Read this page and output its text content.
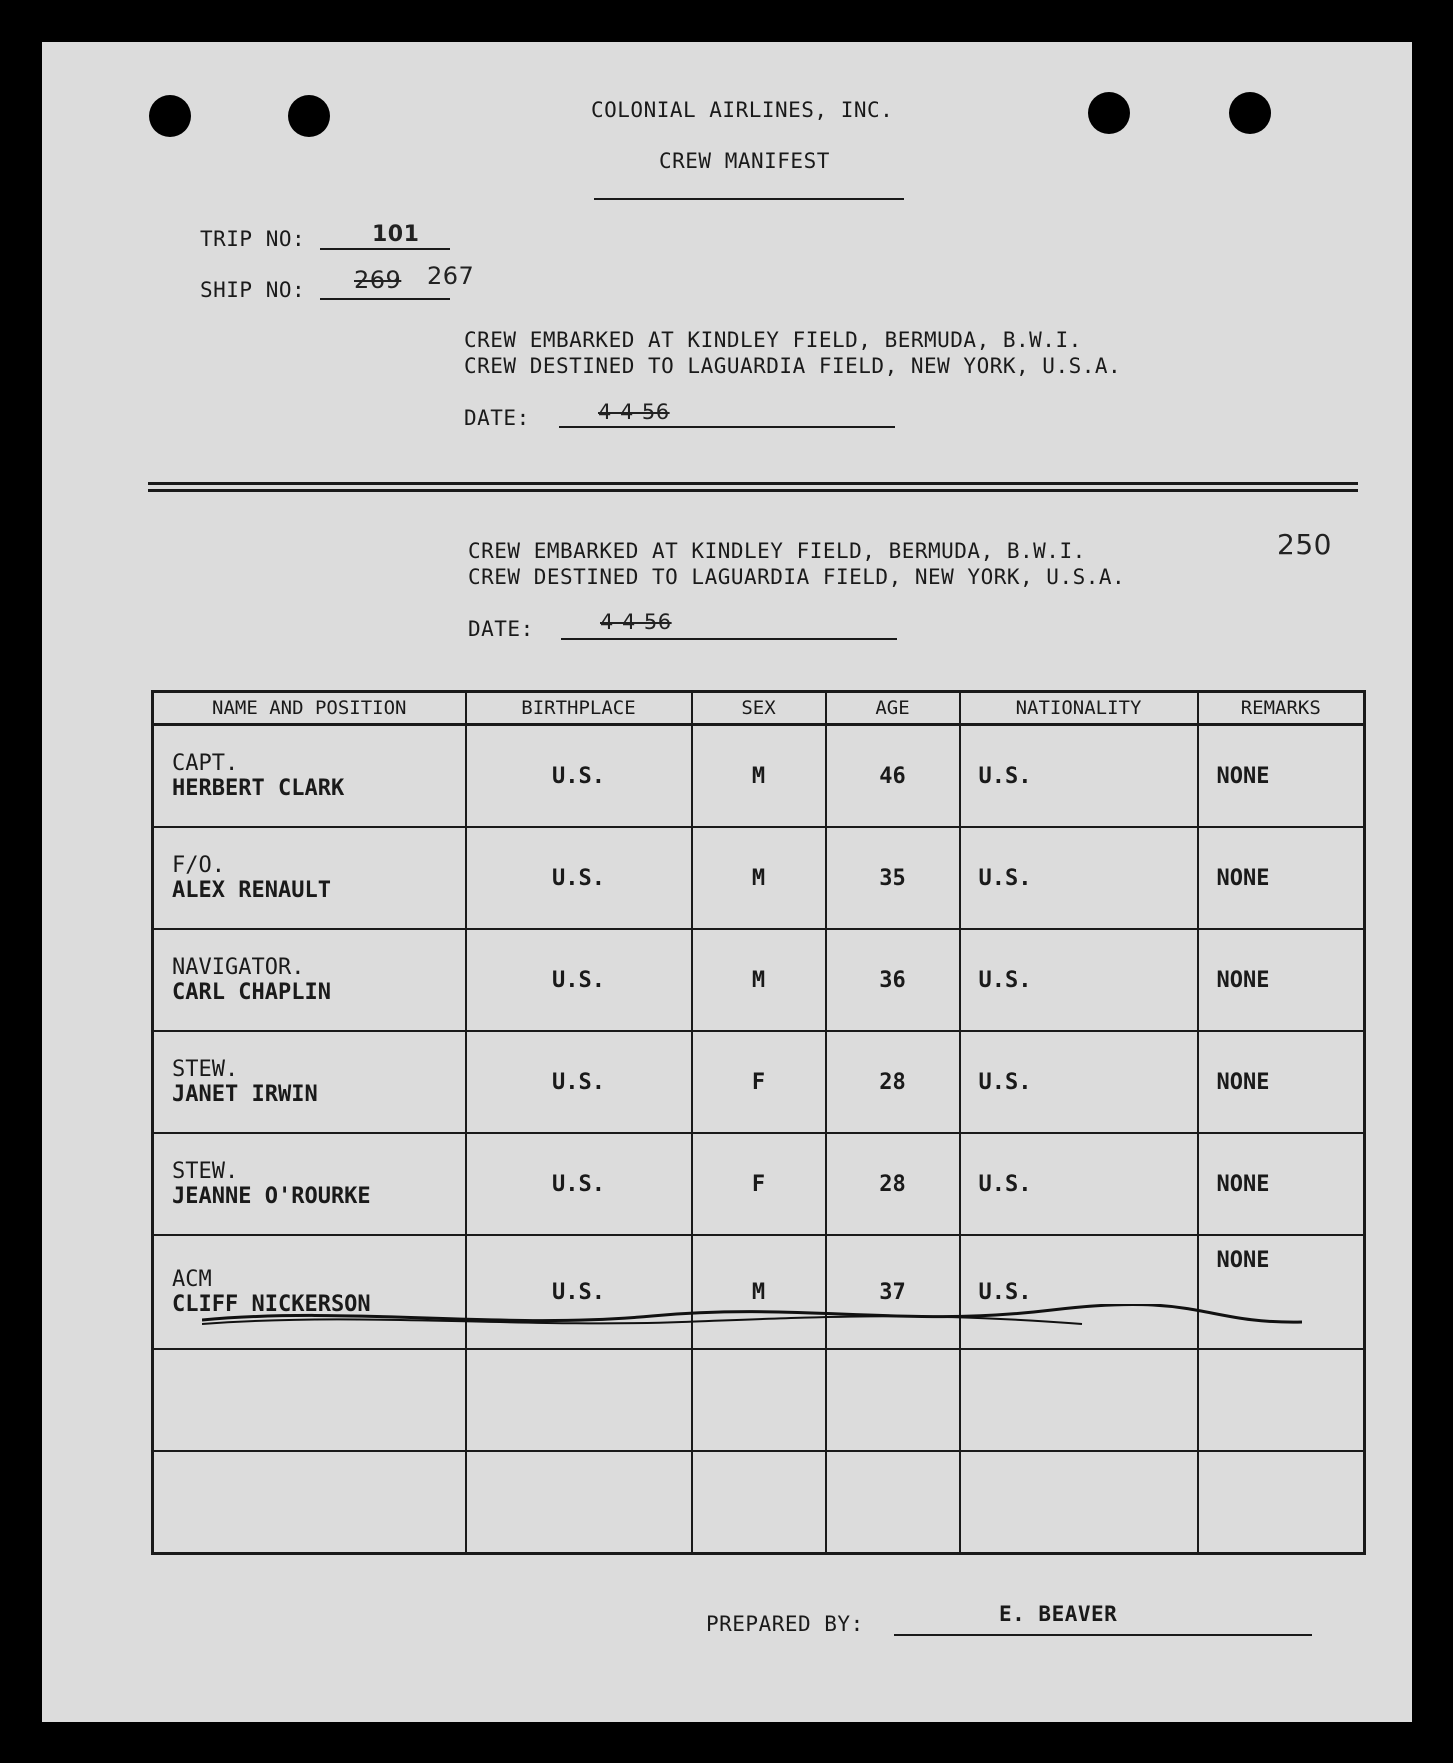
COLONIAL AIRLINES, INC.
CREW MANIFEST
TRIP NO:	101
SHIP NO: 269 267
CREW EMBARKED AT KINDLEY FIELD, BERMUDA, B.W.I.
CREW DESTINED TO LAGUARDIA FIELD, NEW YORK, U.S.A.
DATE:	4-4-56
CREW EMBARKED AT KINDLEY FIELD, BERMUDA, B.W.I.
CREW DESTINED TO LAGUARDIA FIELD, NEW YORK, U.S.A.
250
DATE:	4-4-56
NAME AND POSITION	BIRTHPLACE	SEX	AGE	NATIONALITY	REMARKS

CAPT.
HERBERT CLARK	U.S.	M	46	U.S.	NONE

F/O.
ALEX RENAULT	U.S.	M	35	U.S.	NONE

NAVIGATOR.
CARL CHAPLIN	U.S.	M	36	U.S.	NONE

STEW.
JANET IRWIN	U.S.	F	28	U.S.	NONE

STEW.
JEANNE O'ROURKE	U.S.	F	28	U.S.	NONE

ACM
CLIFF NICKERSON	U.S.	M	37	U.S.	NONE

PREPARED BY:	E. BEAVER
